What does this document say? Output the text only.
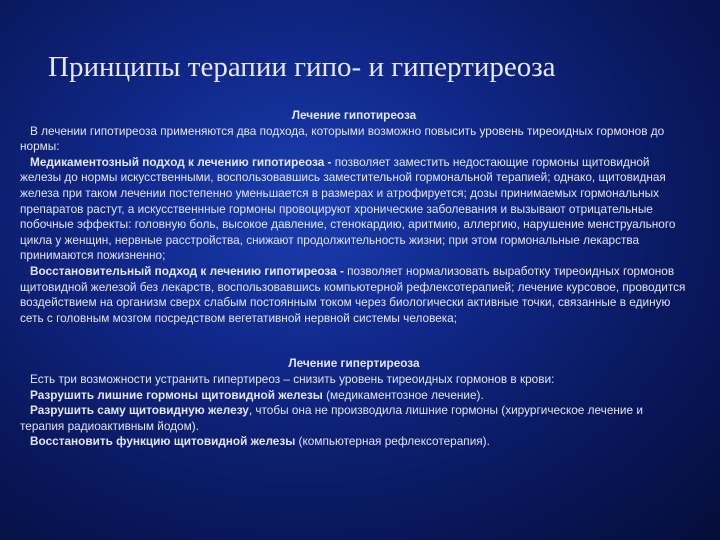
Принципы терапии гипо- и гипертиреоза
Лечение гипотиреоза

В лечении гипотиреоза применяются два подхода, которыми возможно повысить уровень тиреоидных гормонов до нормы:

Медикаментозный подход к лечению гипотиреоза - позволяет заместить недостающие гормоны щитовидной железы до нормы искусственными, воспользовавшись заместительной гормональной терапией; однако, щитовидная железа при таком лечении постепенно уменьшается в размерах и атрофируется; дозы принимаемых гормональных препаратов растут, а искусственнные гормоны провоцируют хронические заболевания и вызывают отрицательные побочные эффекты: головную боль, высокое давление, стенокардию, аритмию, аллергию, нарушение менструального цикла у женщин, нервные расстройства, снижают продолжительность жизни; при этом гормональные лекарства принимаются пожизненно;

Восстановительный подход к лечению гипотиреоза - позволяет нормализовать выработку тиреоидных гормонов щитовидной железой без лекарств, воспользовавшись компьютерной рефлексотерапией; лечение курсовое, проводится воздействием на организм сверх слабым постоянным током через биологически активные точки, связанные в единую сеть с головным мозгом посредством вегетативной нервной системы человека;

Лечение гипертиреоза

Есть три возможности устранить гипертиреоз – снизить уровень тиреоидных гормонов в крови:

Разрушить лишние гормоны щитовидной железы (медикаментозное лечение).

Разрушить саму щитовидную железу, чтобы она не производила лишние гормоны (хирургическое лечение и терапия радиоактивным йодом).

Восстановить функцию щитовидной железы (компьютерная рефлексотерапия).
